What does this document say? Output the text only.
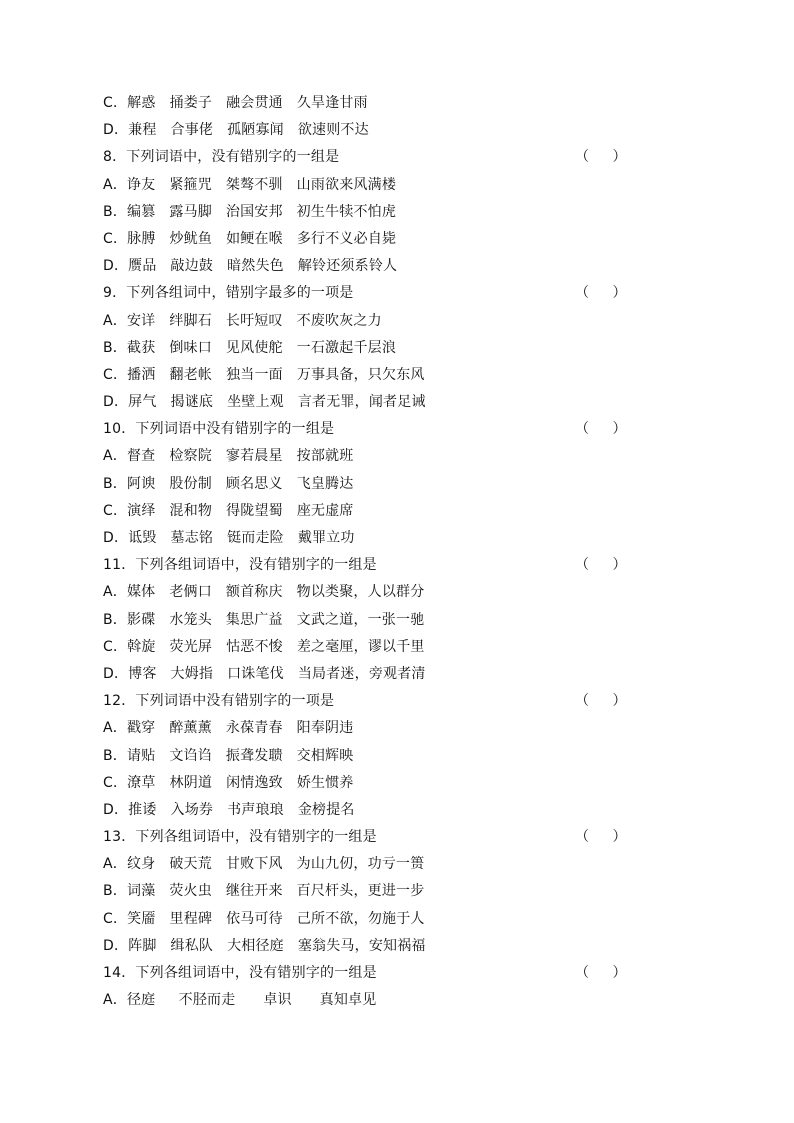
C．解惑   捅娄子   融会贯通   久旱逢甘雨
D．兼程   合事佬   孤陋寡闻   欲速则不达
8．下列词语中，没有错别字的一组是	（     ）
A．诤友   紧箍咒   桀骜不驯   山雨欲来风满楼
B．编篡   露马脚   治国安邦   初生牛犊不怕虎
C．脉膊   炒鱿鱼   如鲠在喉   多行不义必自毙
D．赝品   敲边鼓   暗然失色   解铃还须系铃人
9．下列各组词中，错别字最多的一项是	（     ）
A．安详   绊脚石   长吁短叹   不废吹灰之力
B．截获   倒味口   见风使舵   一石激起千层浪
C．播洒   翻老帐   独当一面   万事具备，只欠东风
D．屏气   揭谜底   坐壁上观   言者无罪，闻者足诫
10．下列词语中没有错别字的一组是	（     ）
A．督查   检察院   寥若晨星   按部就班
B．阿谀   股份制   顾名思义   飞皇腾达
C．演绎   混和物   得陇望蜀   座无虚席
D．诋毁   墓志铭   铤而走险   戴罪立功
11．下列各组词语中，没有错别字的一组是	（     ）
A．媒体   老俩口   额首称庆   物以类聚，人以群分
B．影碟   水笼头   集思广益   文武之道，一张一驰
C．斡旋   荧光屏   怙恶不悛   差之毫厘，谬以千里
D．博客   大姆指   口诛笔伐   当局者迷，旁观者清
12．下列词语中没有错别字的一项是	（     ）
A．戳穿   醉薰薰   永葆青春   阳奉阴违
B．请贴   文诌诌   振聋发聩   交相辉映
C．潦草   林阴道   闲情逸致   娇生惯养
D．推诿   入场券   书声琅琅   金榜提名
13．下列各组词语中，没有错别字的一组是	（     ）
A．纹身   破天荒   甘败下风   为山九仞，功亏一篑
B．词藻   荧火虫   继往开来   百尺杆头，更进一步
C．笑靥   里程碑   依马可待   己所不欲，勿施于人
D．阵脚   缉私队   大相径庭   塞翁失马，安知祸福
14．下列各组词语中，没有错别字的一组是	（     ）
A．径庭     不胫而走      卓识      真知卓见
